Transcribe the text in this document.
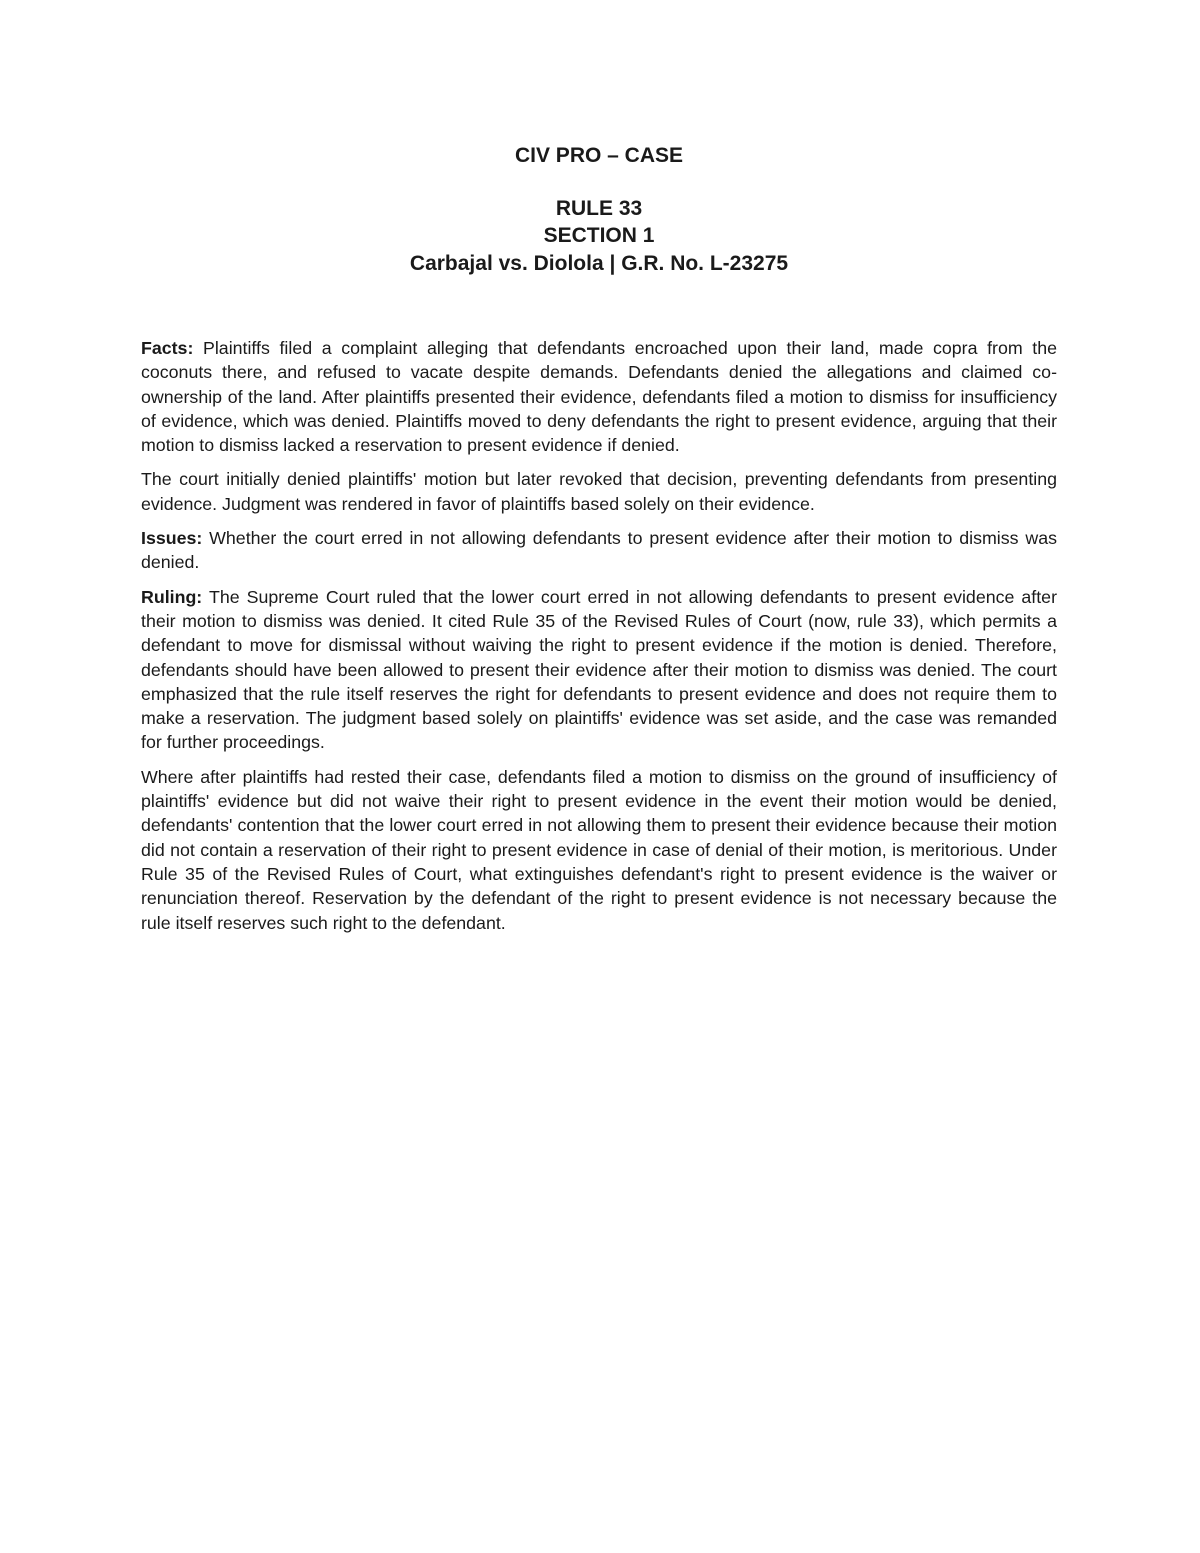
CIV PRO – CASE
RULE 33
SECTION 1
Carbajal vs. Diolola | G.R. No. L-23275

Facts: Plaintiffs filed a complaint alleging that defendants encroached upon their land, made copra from the coconuts there, and refused to vacate despite demands. Defendants denied the allegations and claimed co-ownership of the land. After plaintiffs presented their evidence, defendants filed a motion to dismiss for insufficiency of evidence, which was denied. Plaintiffs moved to deny defendants the right to present evidence, arguing that their motion to dismiss lacked a reservation to present evidence if denied.

The court initially denied plaintiffs' motion but later revoked that decision, preventing defendants from presenting evidence. Judgment was rendered in favor of plaintiffs based solely on their evidence.

Issues: Whether the court erred in not allowing defendants to present evidence after their motion to dismiss was denied.

Ruling: The Supreme Court ruled that the lower court erred in not allowing defendants to present evidence after their motion to dismiss was denied. It cited Rule 35 of the Revised Rules of Court (now, rule 33), which permits a defendant to move for dismissal without waiving the right to present evidence if the motion is denied. Therefore, defendants should have been allowed to present their evidence after their motion to dismiss was denied. The court emphasized that the rule itself reserves the right for defendants to present evidence and does not require them to make a reservation. The judgment based solely on plaintiffs' evidence was set aside, and the case was remanded for further proceedings.

Where after plaintiffs had rested their case, defendants filed a motion to dismiss on the ground of insufficiency of plaintiffs' evidence but did not waive their right to present evidence in the event their motion would be denied, defendants' contention that the lower court erred in not allowing them to present their evidence because their motion did not contain a reservation of their right to present evidence in case of denial of their motion, is meritorious. Under Rule 35 of the Revised Rules of Court, what extinguishes defendant's right to present evidence is the waiver or renunciation thereof. Reservation by the defendant of the right to present evidence is not necessary because the rule itself reserves such right to the defendant.
